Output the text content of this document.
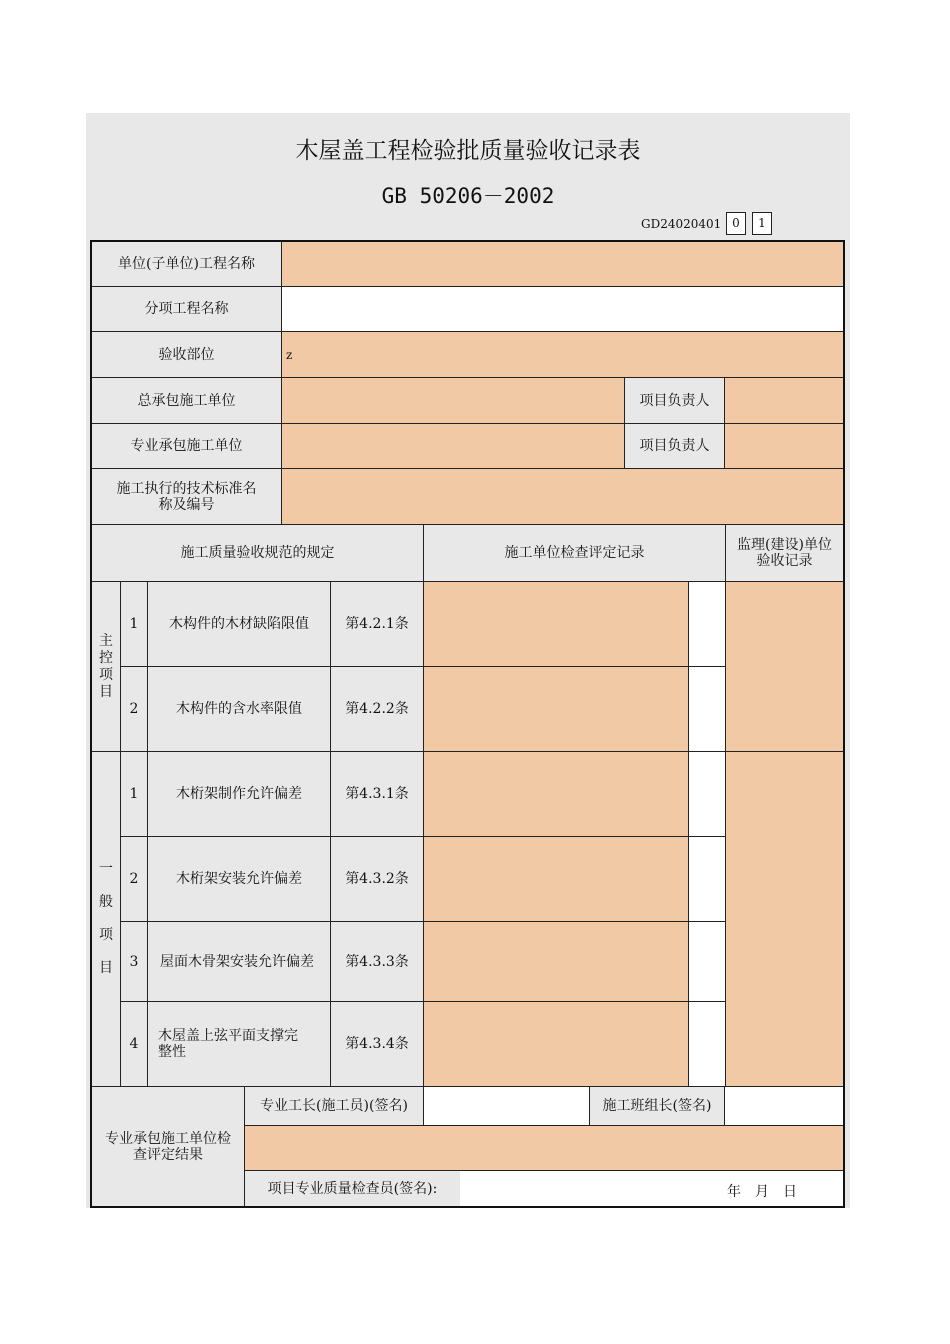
木屋盖工程检验批质量验收记录表
GB 50206－2002
GD24020401 0	1
单位(子单位)工程名称
分项工程名称
验收部位	z
总承包施工单位	项目负责人
专业承包施工单位	项目负责人
施工执行的技术标准名称及编号
施工质量验收规范的规定	施工单位检查评定记录	监理(建设)单位验收记录
主控项目
1	木构件的木材缺陷限值	第4.2.1条
2	木构件的含水率限值	第4.2.2条
一般项目
1	木桁架制作允许偏差	第4.3.1条
2	木桁架安装允许偏差	第4.3.2条
3	屋面木骨架安装允许偏差	第4.3.3条
4	木屋盖上弦平面支撑完整性	第4.3.4条
专业承包施工单位检查评定结果
专业工长(施工员)(签名)	施工班组长(签名)
项目专业质量检查员(签名):	年　月　日
